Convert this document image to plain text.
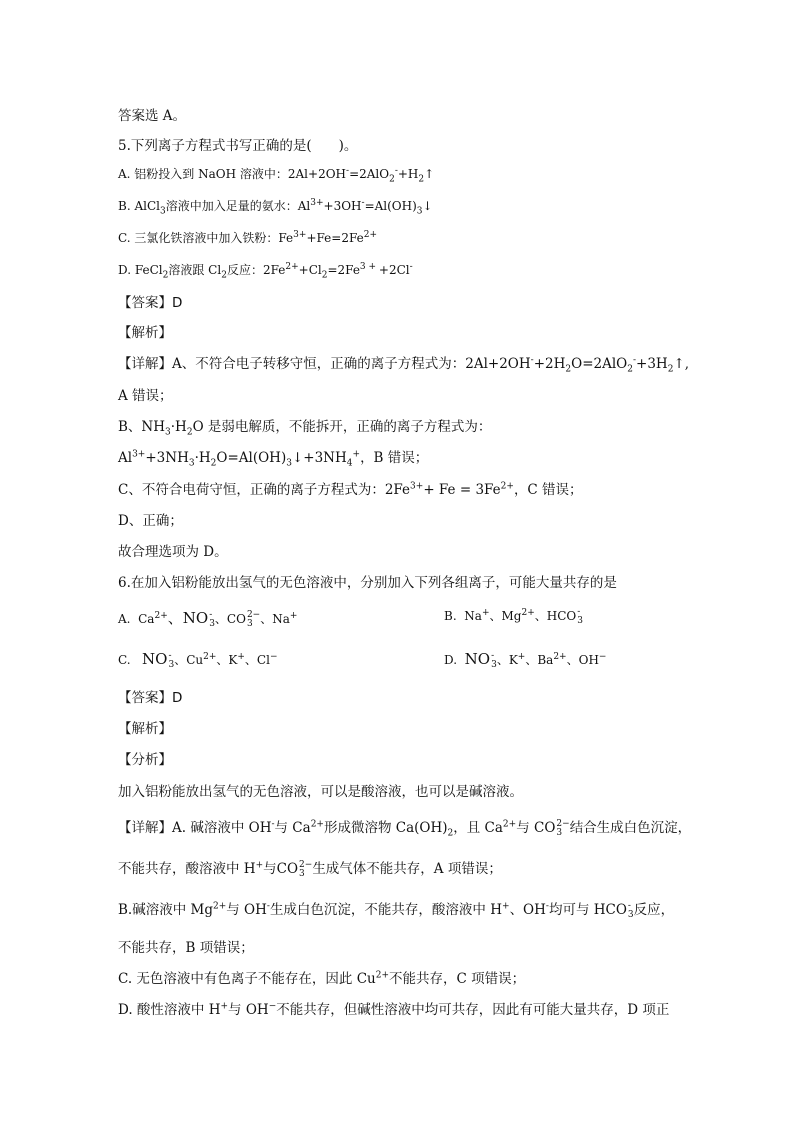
答案选 A。
5.下列离子方程式书写正确的是(　　)。
A. 铝粉投入到 NaOH 溶液中：$2Al+2OH^-=2AlO_2^-+H_2↑$
B. AlCl$_3$溶液中加入足量的氨水：$Al^{3+}+3OH^-=Al(OH)_3↓$
C. 三氯化铁溶液中加入铁粉：$Fe^{3+}+Fe=2Fe^{2+}$
D. FeCl$_2$溶液跟 $Cl_2$反应：$2Fe^{2+}+Cl_2=2Fe^{3 +} +2Cl^-$
【答案】D
【解析】
【详解】A、不符合电子转移守恒，正确的离子方程式为：$2Al+2OH^-+2H_2O=2AlO_2^-+3H_2↑$,
A 错误；
B、$NH_3\cdot H_2O$ 是弱电解质，不能拆开，正确的离子方程式为：
$Al^{3+}+3NH_3\cdot H_2O=Al(OH)_3↓+3NH_4^+$，B 错误；
C、不符合电荷守恒，正确的离子方程式为：$2Fe^{3+}+ Fe = 3Fe^{2+}$，C 错误；
D、正确；
故合理选项为 D。
6.在加入铝粉能放出氢气的无色溶液中，分别加入下列各组离子，可能大量共存的是
A. $Ca^{2+}$、NO -
3 、CO 2−
3 、Na+	B. Na+、$Mg^{2+}$、HCO -
3
C. NO -
3 、$Cu^{2+}$、K+、Cl−	D. NO -
3 、K+、$Ba^{2+}$、OH−
【答案】D
【解析】
【分析】
加入铝粉能放出氢气的无色溶液，可以是酸溶液，也可以是碱溶液。
【详解】A. 碱溶液中 OH-与 $Ca^{2+}$形成微溶物 $Ca(OH)_2$，且 $Ca^{2+}$与 CO 2−
3 结合生成白色沉淀，
不能共存，酸溶液中 H+与CO 2−
3 生成气体不能共存，A 项错误；
B.碱溶液中 $Mg^{2+}$与 OH-生成白色沉淀，不能共存，酸溶液中 H+、OH-均可与 HCO -
3 反应，
不能共存，B 项错误；
C. 无色溶液中有色离子不能存在，因此 $Cu^{2+}$不能共存，C 项错误；
D. 酸性溶液中 H+与 OH−不能共存，但碱性溶液中均可共存，因此有可能大量共存，D 项正
